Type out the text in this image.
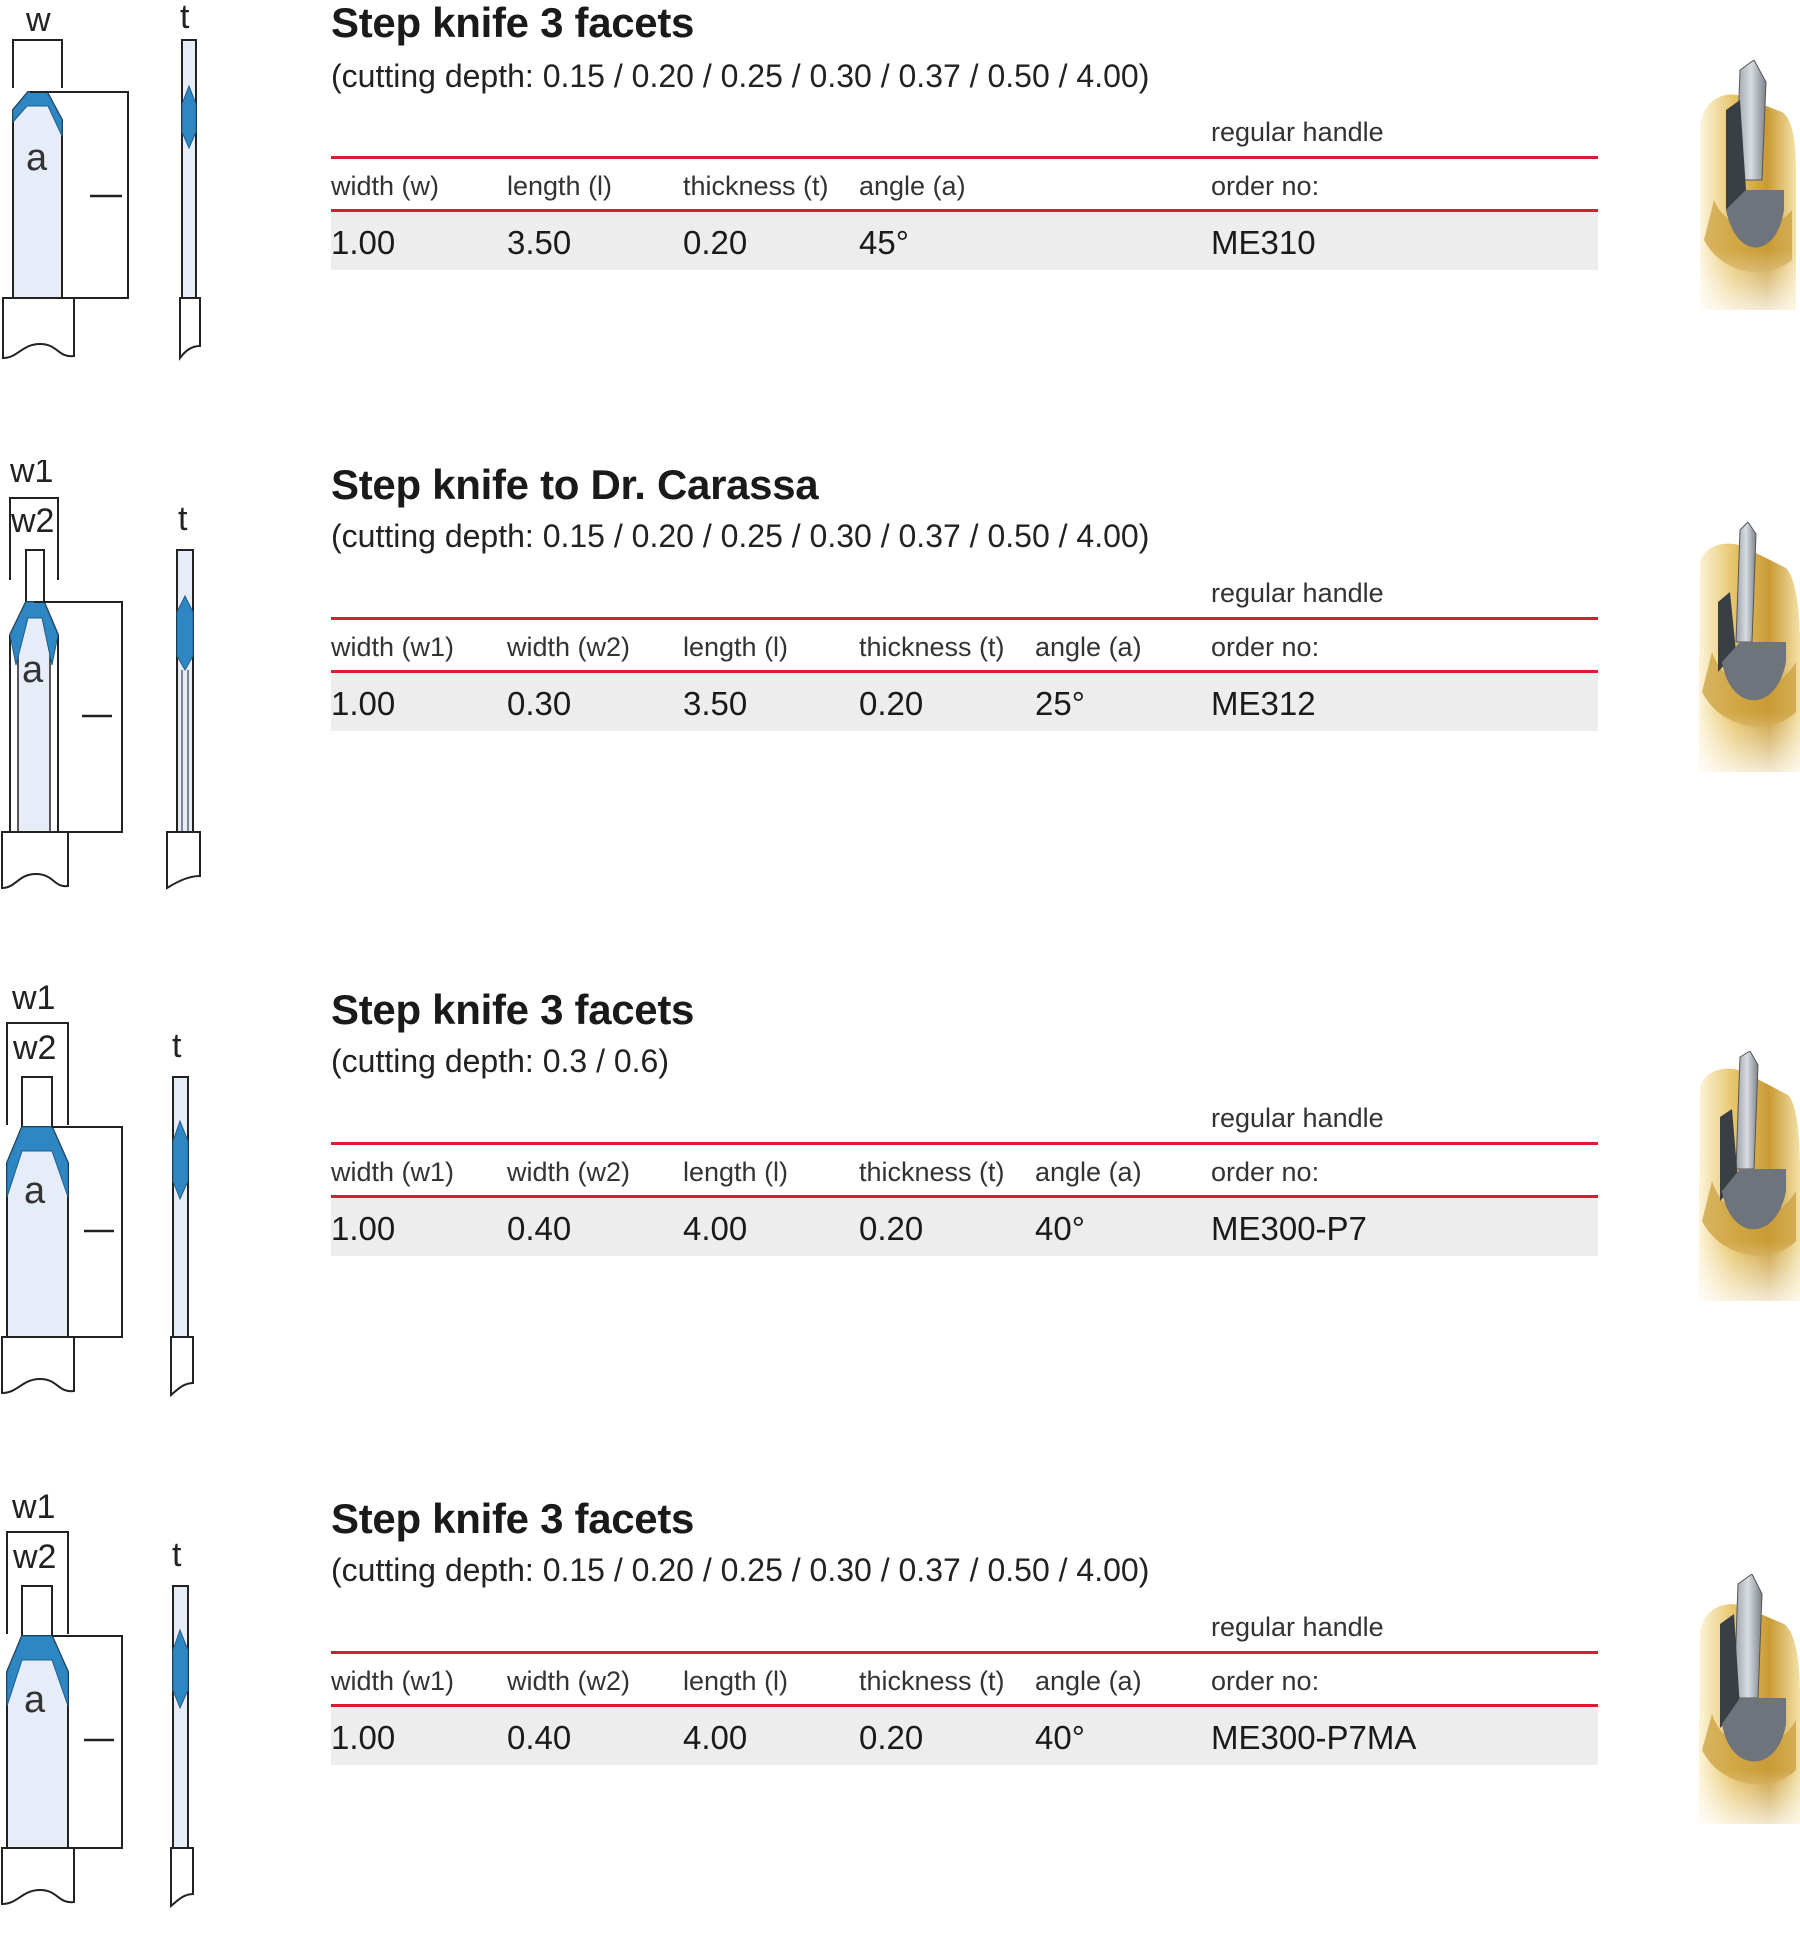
w
a
t	Step knife 3 facets
(cutting depth: 0.15 / 0.20 / 0.25 / 0.30 / 0.37 / 0.50 / 4.00)
regular handle
width (w)	length (l)	thickness (t) angle (a)	order no:
1.00	3.50	0.20	45°	ME310
w1
w2
a
t
Step knife to Dr. Carassa
(cutting depth: 0.15 / 0.20 / 0.25 / 0.30 / 0.37 / 0.50 / 4.00)
regular handle
width (w1) width (w2) length (l)	thickness (t) angle (a)	order no:
1.00	0.30	3.50	0.20	25°	ME312
w1
w2
a
t
Step knife 3 facets
(cutting depth: 0.3 / 0.6)
regular handle
width (w1) width (w2) length (l)	thickness (t) angle (a)	order no:
1.00	0.40	4.00	0.20	40°	ME300-P7
w1
w2
a
t
Step knife 3 facets
(cutting depth: 0.15 / 0.20 / 0.25 / 0.30 / 0.37 / 0.50 / 4.00)
regular handle
width (w1) width (w2) length (l)	thickness (t) angle (a)	order no:
1.00	0.40	4.00	0.20	40°	ME300-P7MA
